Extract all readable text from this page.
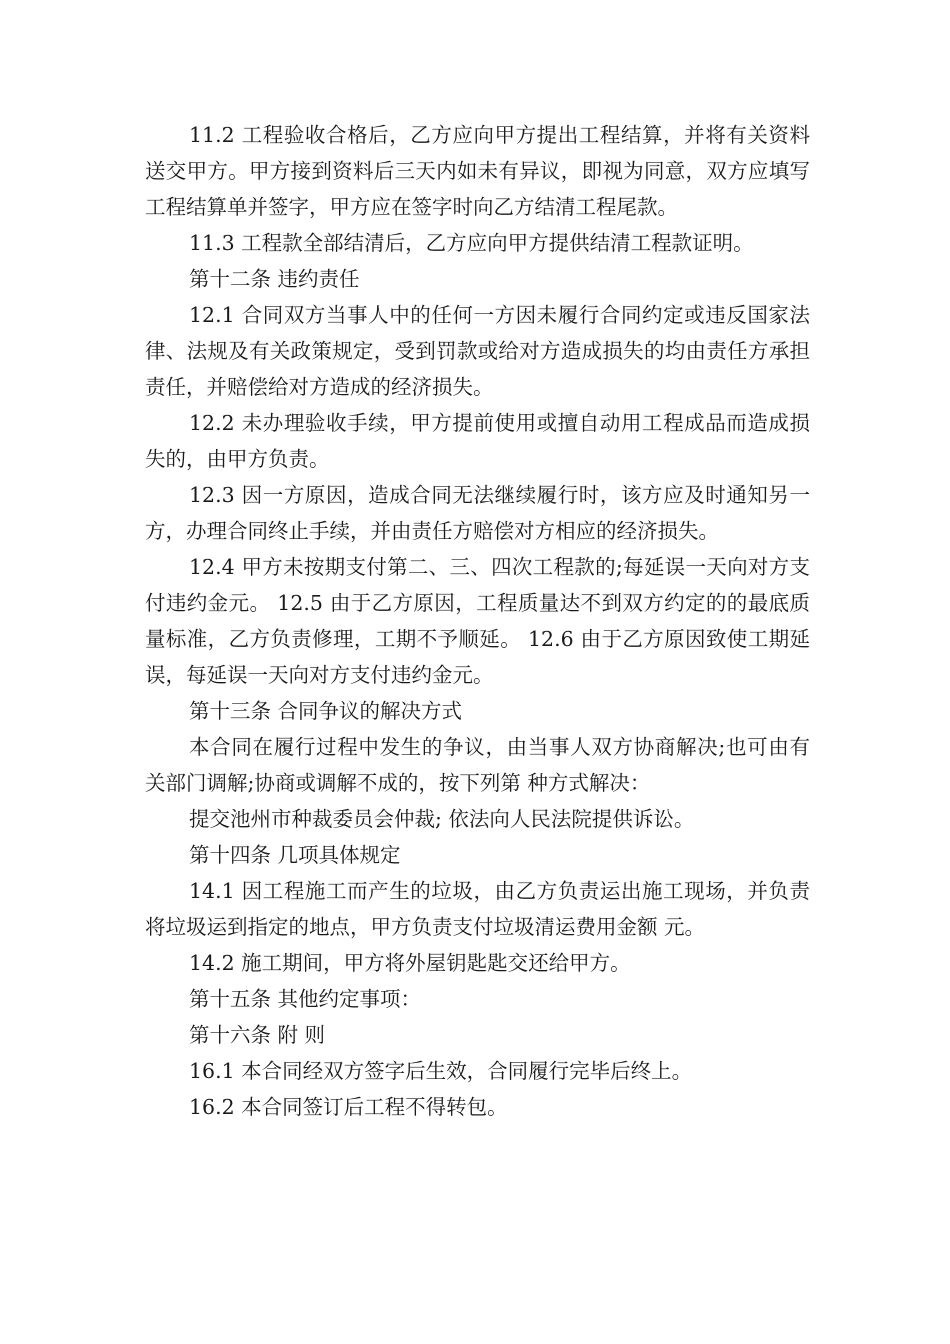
11.2 工程验收合格后，乙方应向甲方提出工程结算，并将有关资料送交甲方。甲方接到资料后三天内如未有异议，即视为同意，双方应填写工程结算单并签字，甲方应在签字时向乙方结清工程尾款。

11.3 工程款全部结清后，乙方应向甲方提供结清工程款证明。

第十二条 违约责任

12.1 合同双方当事人中的任何一方因未履行合同约定或违反国家法律、法规及有关政策规定，受到罚款或给对方造成损失的均由责任方承担责任，并赔偿给对方造成的经济损失。

12.2 未办理验收手续，甲方提前使用或擅自动用工程成品而造成损失的，由甲方负责。

12.3 因一方原因，造成合同无法继续履行时，该方应及时通知另一方，办理合同终止手续，并由责任方赔偿对方相应的经济损失。

12.4 甲方未按期支付第二、三、四次工程款的;每延误一天向对方支付违约金元。 12.5 由于乙方原因，工程质量达不到双方约定的的最底质量标准，乙方负责修理，工期不予顺延。 12.6 由于乙方原因致使工期延误，每延误一天向对方支付违约金元。

第十三条 合同争议的解决方式

本合同在履行过程中发生的争议，由当事人双方协商解决;也可由有关部门调解;协商或调解不成的，按下列第 种方式解决：

提交池州市种裁委员会仲裁; 依法向人民法院提供诉讼。

第十四条 几项具体规定

14.1 因工程施工而产生的垃圾，由乙方负责运出施工现场，并负责将垃圾运到指定的地点，甲方负责支付垃圾清运费用金额 元。

14.2 施工期间，甲方将外屋钥匙匙交还给甲方。

第十五条 其他约定事项：

第十六条 附 则

16.1 本合同经双方签字后生效，合同履行完毕后终上。

16.2 本合同签订后工程不得转包。
